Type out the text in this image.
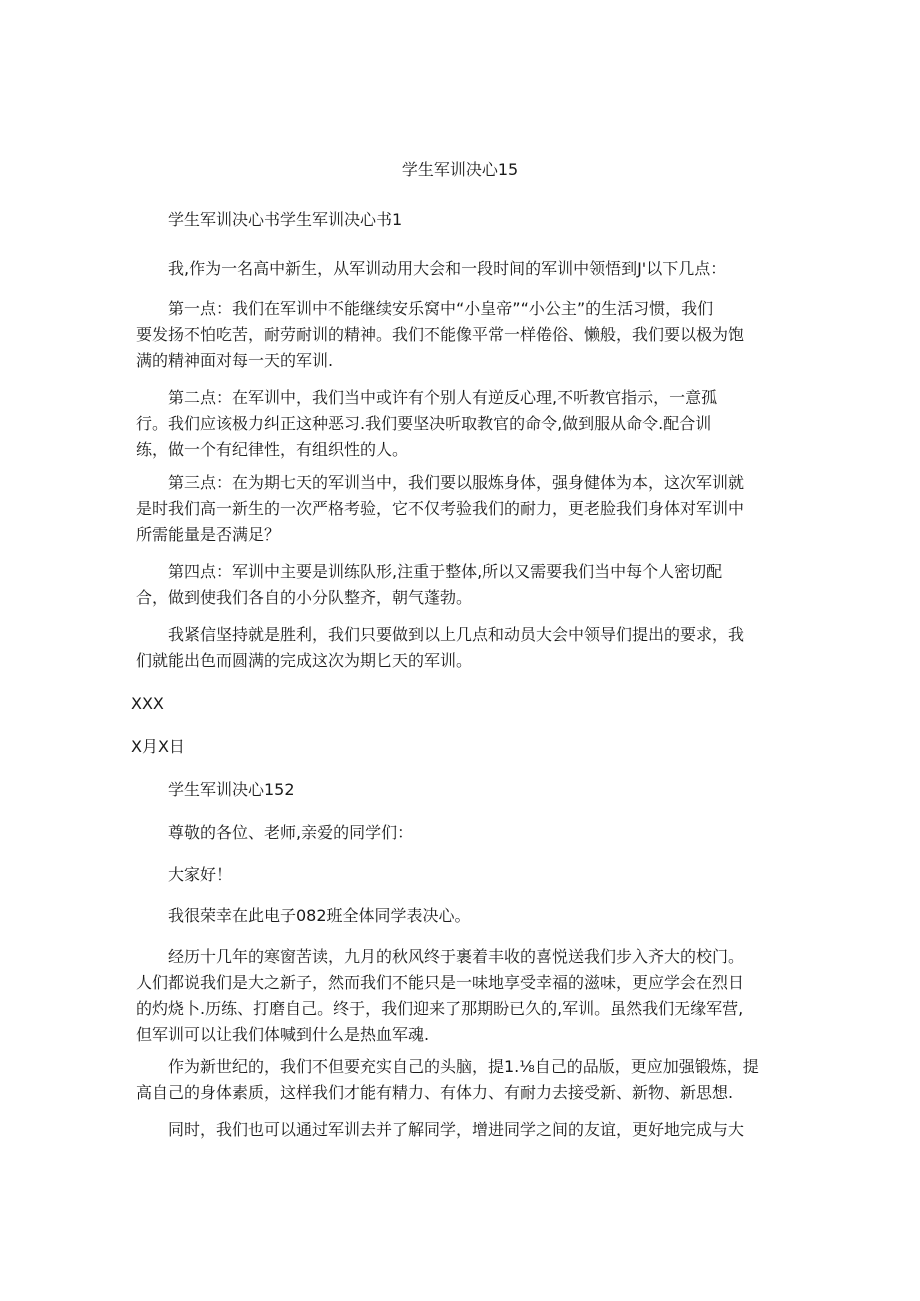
学生军训决心15
学生军训决心书学生军训决心书1
我,作为一名高中新生，从军训动用大会和一段时间的军训中领悟到J'以下几点：
第一点：我们在军训中不能继续安乐窝中“小皇帝”“小公主”的生活习惯，我们
要发扬不怕吃苦，耐劳耐训的精神。我们不能像平常一样倦俗、懒般，我们要以极为饱
满的精神面对每一天的军训.
第二点：在军训中，我们当中或许有个别人有逆反心理,不听教官指示，一意孤
行。我们应该极力纠正这种恶习.我们要坚决听取教官的命令,做到服从命令.配合训
练，做一个有纪律性，有组织性的人。
第三点：在为期七天的军训当中，我们要以服炼身体，强身健体为本，这次军训就
是时我们高一新生的一次严格考验，它不仅考验我们的耐力，更老脸我们身体对军训中
所需能量是否满足？
第四点：军训中主要是训练队形,注重于整体,所以又需要我们当中每个人密切配
合，做到使我们各自的小分队整齐，朝气蓬勃。
我紧信坚持就是胜利，我们只要做到以上几点和动员大会中领导们提出的要求，我
们就能出色而圆满的完成这次为期匕天的军训。
XXX
X月X日
学生军训决心152
尊敬的各位、老师,亲爱的同学们：
大家好！
我很荣幸在此电子082班全体同学表决心。
经历十几年的寒窗苦读，九月的秋风终于裹着丰收的喜悦送我们步入齐大的校门。
人们都说我们是大之新子，然而我们不能只是一味地享受幸福的滋味，更应学会在烈日
的灼烧卜.历练、打磨自己。终于，我们迎来了那期盼已久的,军训。虽然我们无缘军营,
但军训可以让我们体喊到什么是热血军魂.
作为新世纪的，我们不但要充实自己的头脑，提1.⅛自己的品版，更应加强锻炼，提
高自己的身体素质，这样我们才能有精力、有体力、有耐力去接受新、新物、新思想.
同时，我们也可以通过军训去并了解同学，增进同学之间的友谊，更好地完成与大
